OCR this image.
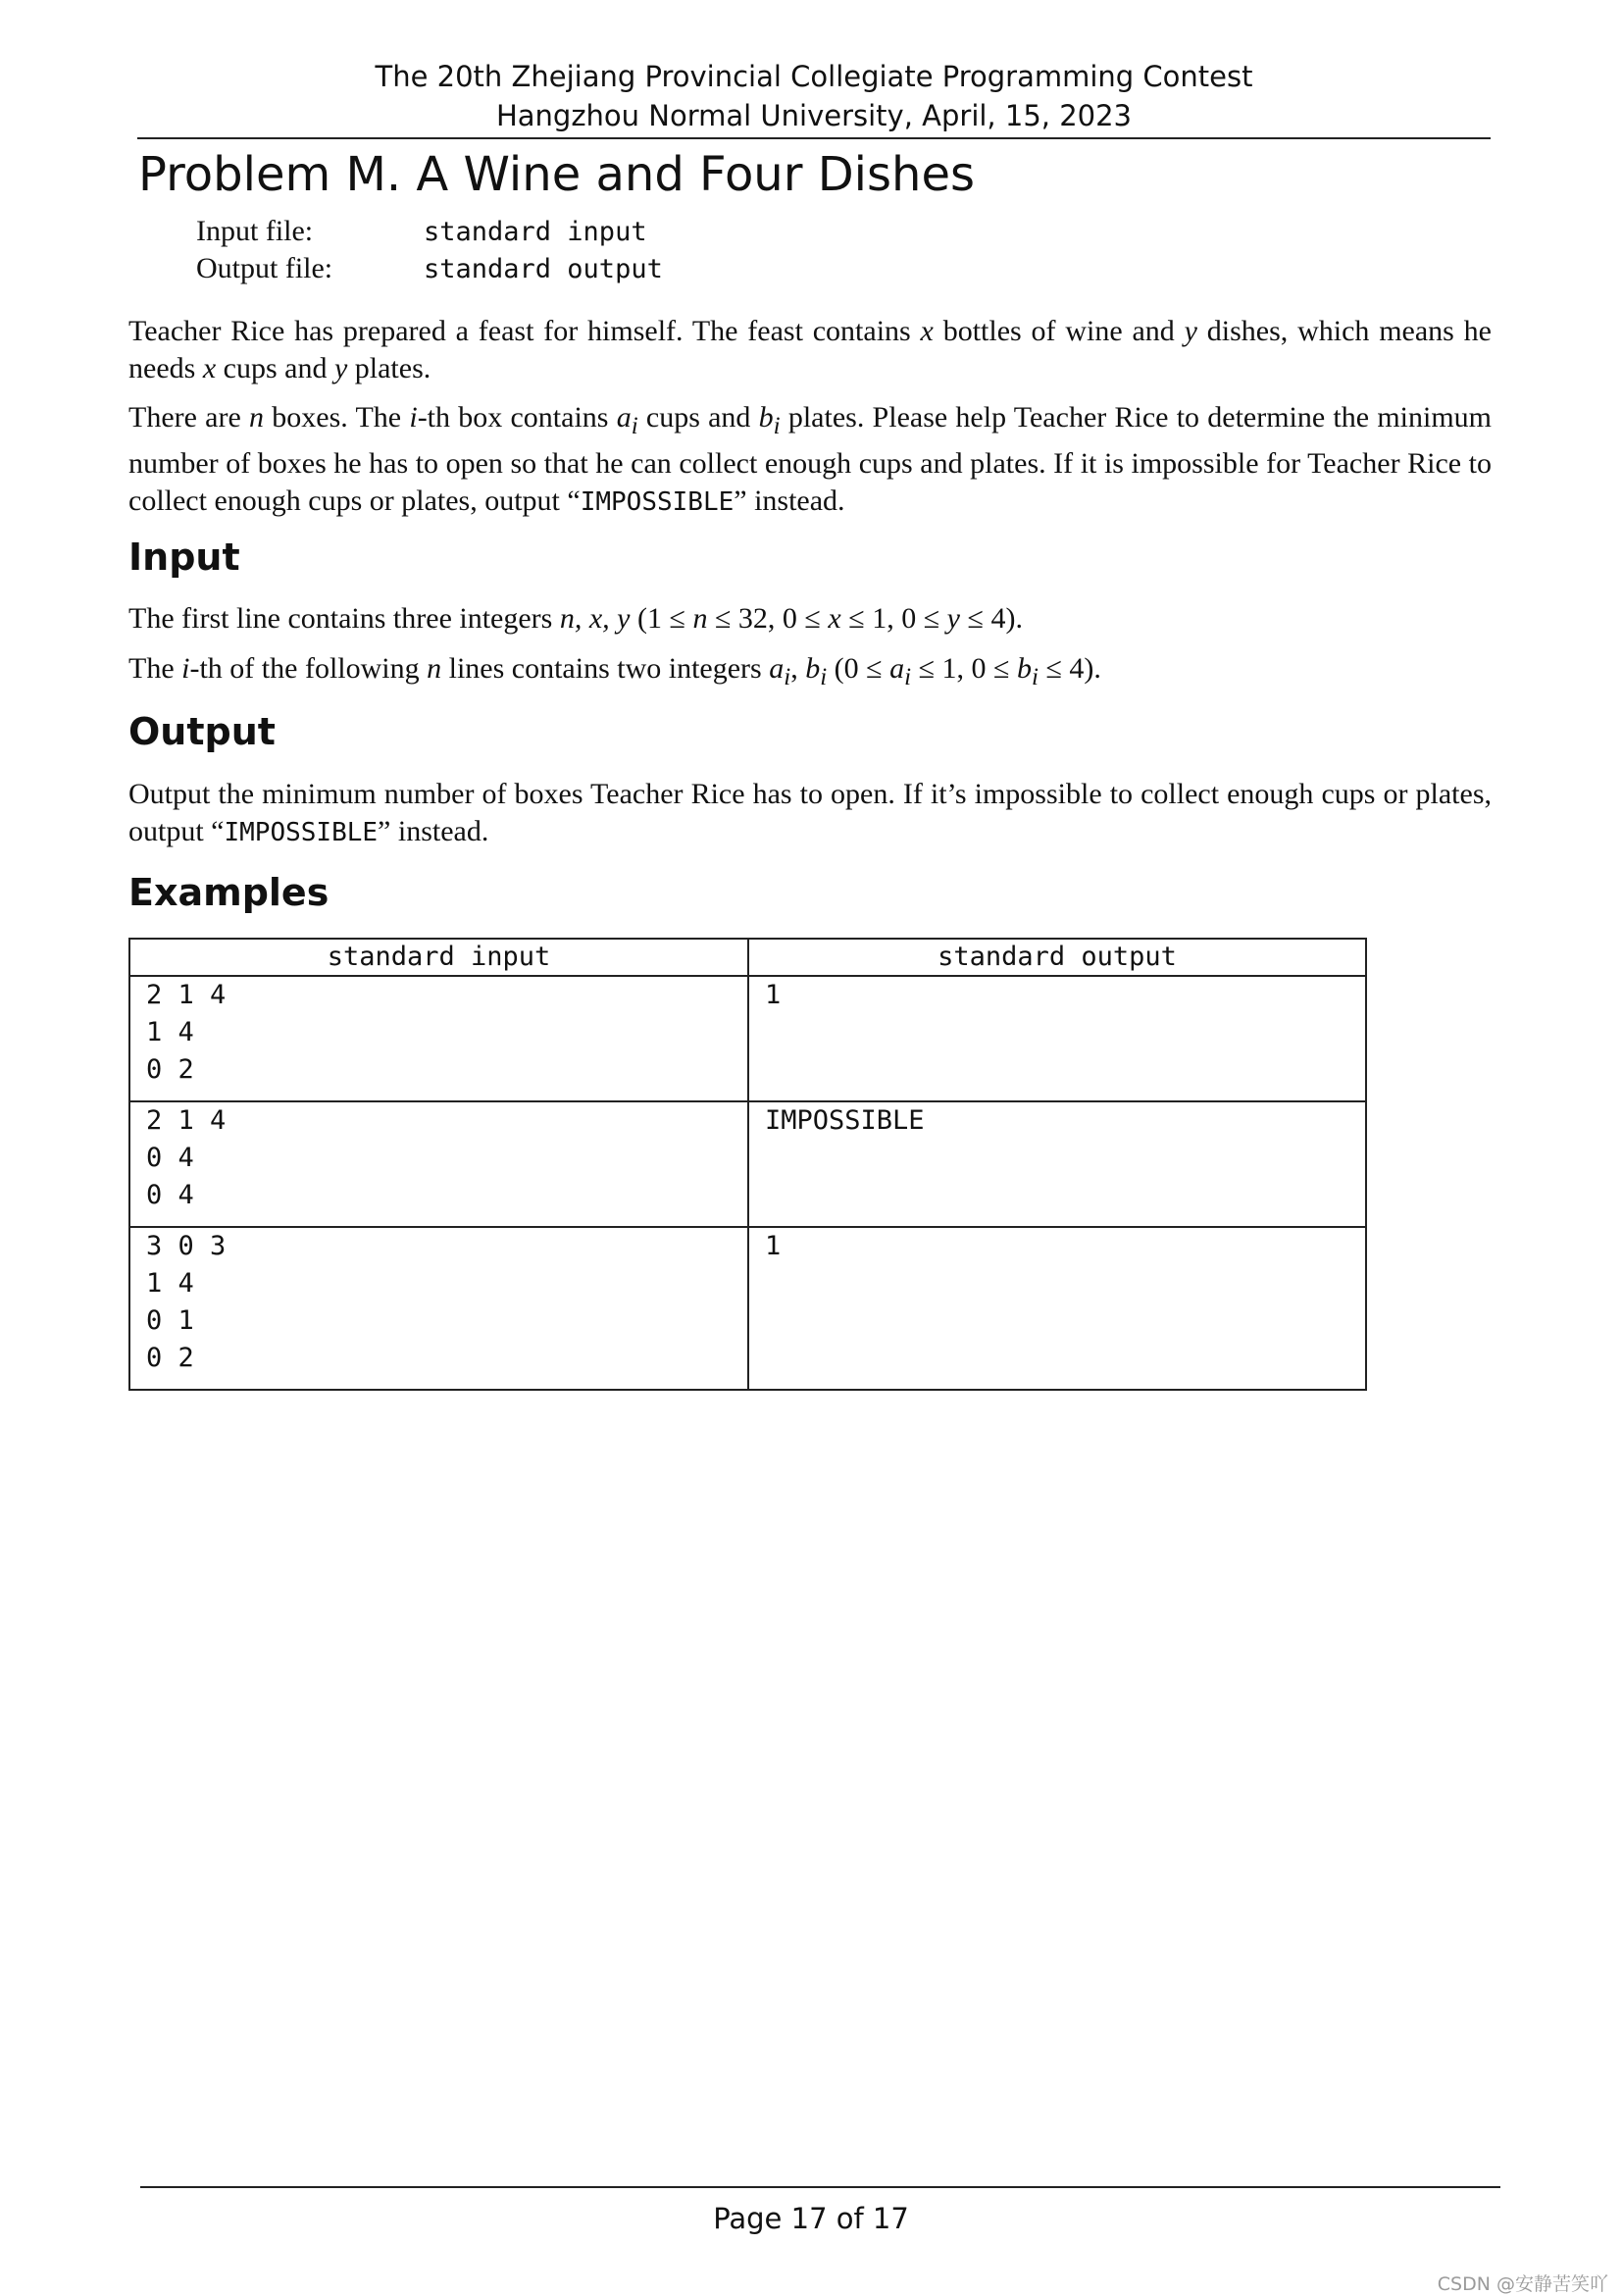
The 20th Zhejiang Provincial Collegiate Programming Contest
Hangzhou Normal University, April, 15, 2023
Problem M. A Wine and Four Dishes
Input file:	standard input
Output file:	standard output

Teacher Rice has prepared a feast for himself. The feast contains x bottles of wine and y dishes, which means he needs x cups and y plates.

There are n boxes. The i-th box contains $a_i$ cups and $b_i$ plates. Please help Teacher Rice to determine the minimum number of boxes he has to open so that he can collect enough cups and plates. If it is impossible for Teacher Rice to collect enough cups or plates, output “IMPOSSIBLE” instead.

Input

The first line contains three integers n, x, y (1 ≤ n ≤ 32, 0 ≤ x ≤ 1, 0 ≤ y ≤ 4).

The i-th of the following n lines contains two integers $a_i$, $b_i$ ($0 \le a_i \le 1$, $0 \le b_i \le 4$).

Output

Output the minimum number of boxes Teacher Rice has to open. If it’s impossible to collect enough cups or plates, output “IMPOSSIBLE” instead.

Examples
standard input	standard output

2 1 4
1 4
0 2	1

2 1 4
0 4
0 4	IMPOSSIBLE

3 0 3
1 4
0 1
0 2	1
Page 17 of 17
CSDN @安静苦笑吖
